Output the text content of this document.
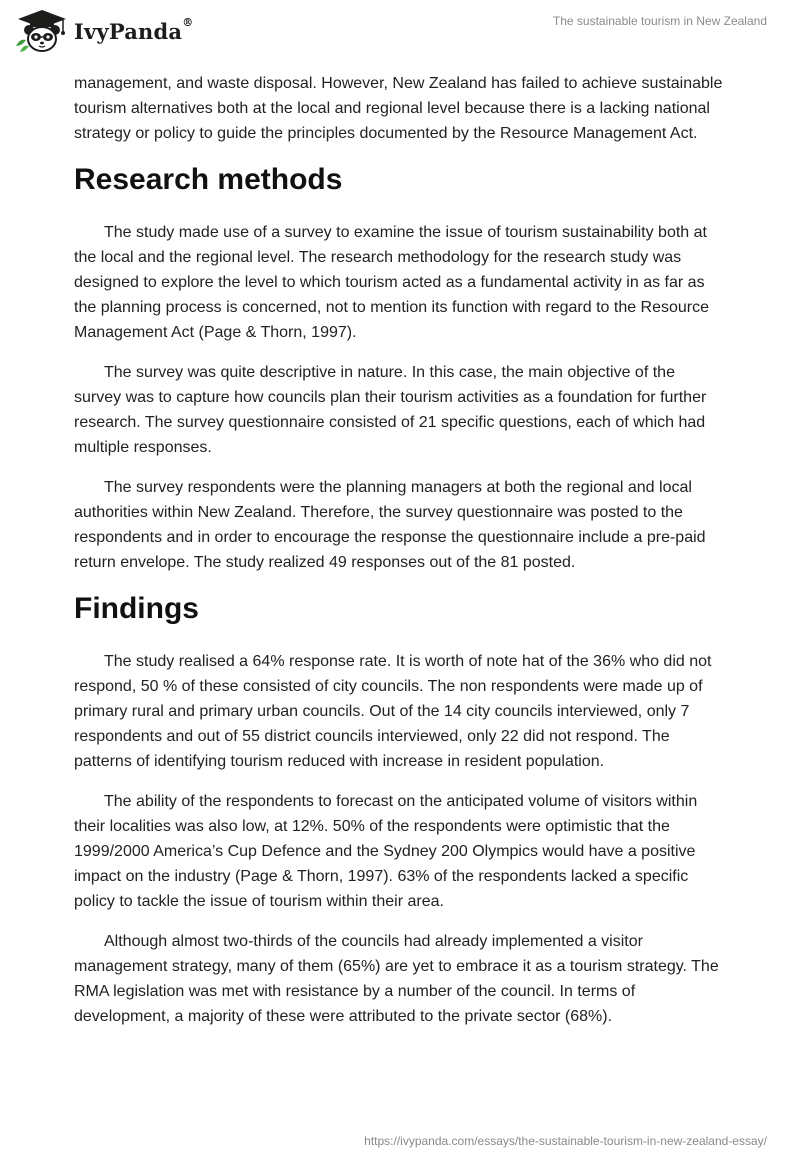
IvyPanda®	The sustainable tourism in New Zealand

management, and waste disposal. However, New Zealand has failed to achieve sustainable tourism alternatives both at the local and regional level because there is a lacking national strategy or policy to guide the principles documented by the Resource Management Act.

Research methods

The study made use of a survey to examine the issue of tourism sustainability both at the local and the regional level. The research methodology for the research study was designed to explore the level to which tourism acted as a fundamental activity in as far as the planning process is concerned, not to mention its function with regard to the Resource Management Act (Page & Thorn, 1997).

The survey was quite descriptive in nature. In this case, the main objective of the survey was to capture how councils plan their tourism activities as a foundation for further research. The survey questionnaire consisted of 21 specific questions, each of which had multiple responses.

The survey respondents were the planning managers at both the regional and local authorities within New Zealand. Therefore, the survey questionnaire was posted to the respondents and in order to encourage the response the questionnaire include a pre-paid return envelope. The study realized 49 responses out of the 81 posted.

Findings

The study realised a 64% response rate. It is worth of note hat of the 36% who did not respond, 50 % of these consisted of city councils. The non respondents were made up of primary rural and primary urban councils. Out of the 14 city councils interviewed, only 7 respondents and out of 55 district councils interviewed, only 22 did not respond. The patterns of identifying tourism reduced with increase in resident population.

The ability of the respondents to forecast on the anticipated volume of visitors within their localities was also low, at 12%. 50% of the respondents were optimistic that the 1999/2000 America’s Cup Defence and the Sydney 200 Olympics would have a positive impact on the industry (Page & Thorn, 1997). 63% of the respondents lacked a specific policy to tackle the issue of tourism within their area.

Although almost two-thirds of the councils had already implemented a visitor management strategy, many of them (65%) are yet to embrace it as a tourism strategy. The RMA legislation was met with resistance by a number of the council. In terms of development, a majority of these were attributed to the private sector (68%).

https://ivypanda.com/essays/the-sustainable-tourism-in-new-zealand-essay/
